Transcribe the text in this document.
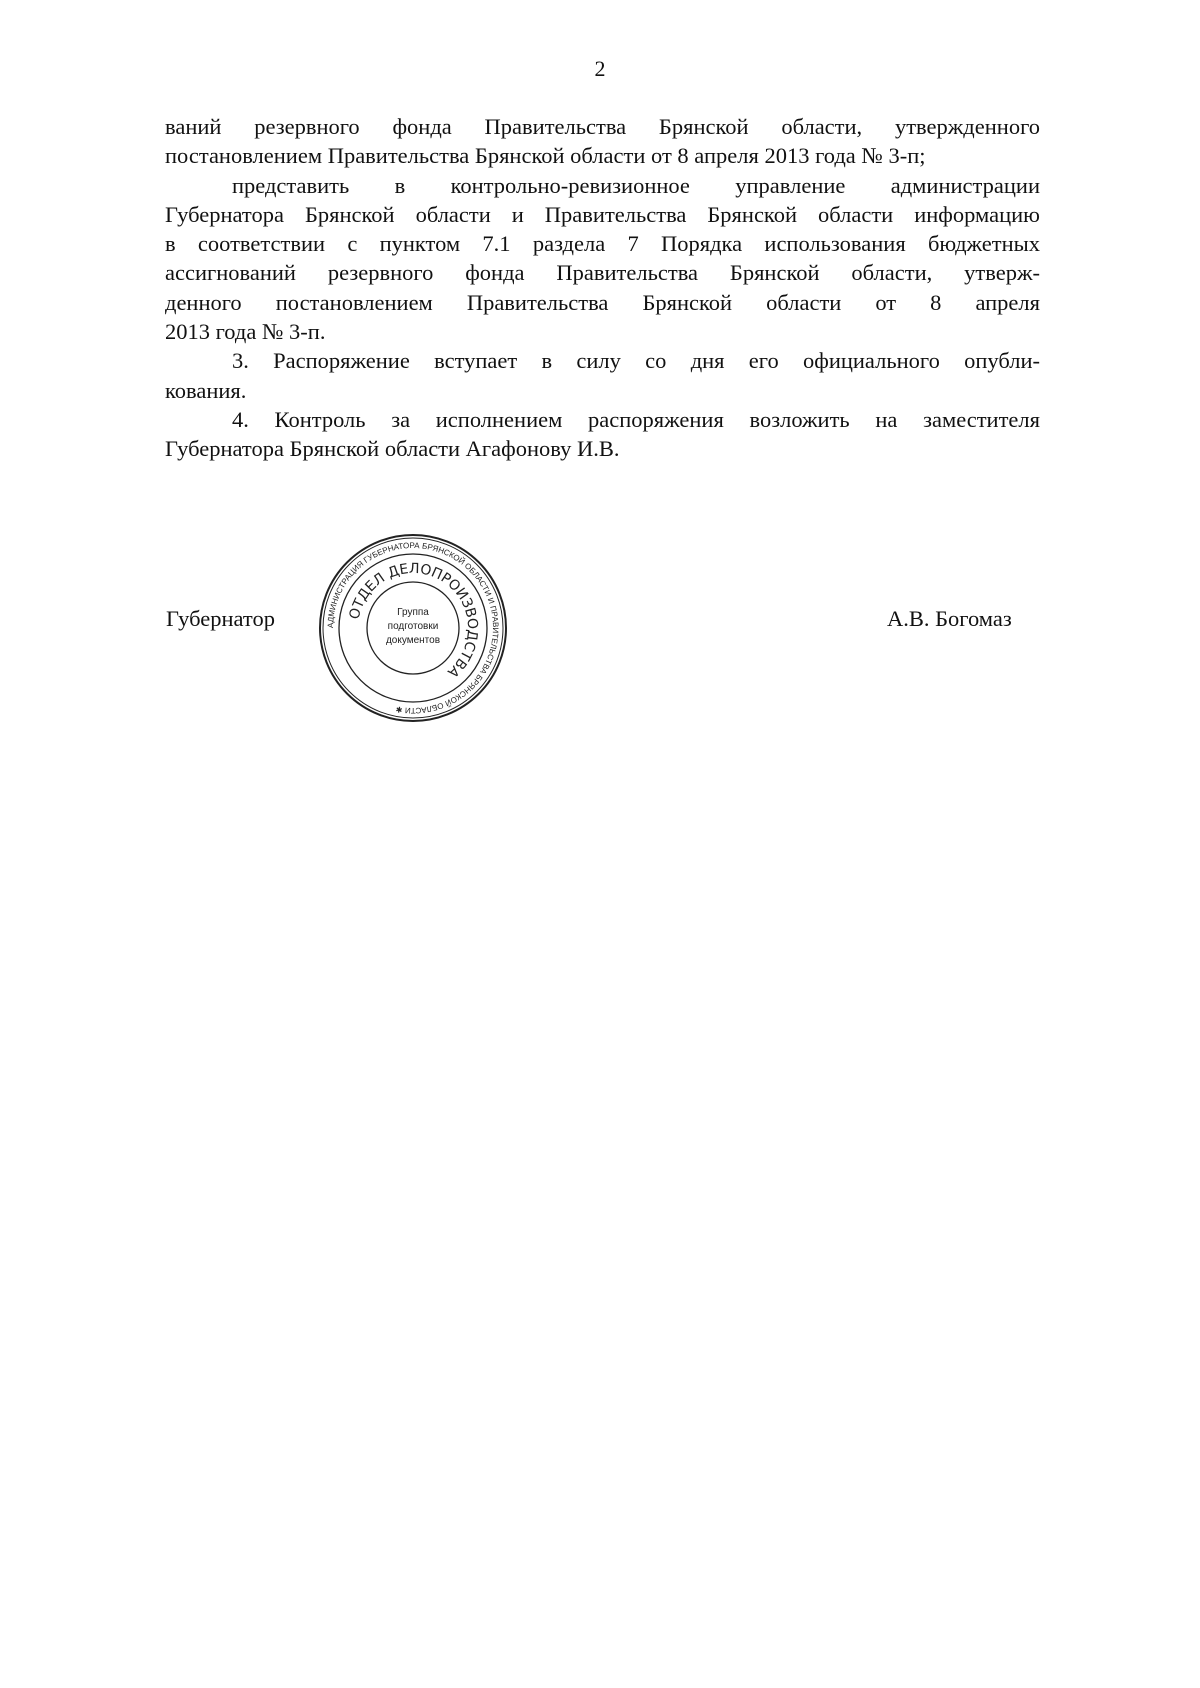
2
ваний резервного фонда Правительства Брянской области, утвержденного
постановлением Правительства Брянской области от 8 апреля 2013 года № 3-п;
представить в контрольно-ревизионное управление администрации
Губернатора Брянской области и Правительства Брянской области информацию
в соответствии с пунктом 7.1 раздела 7 Порядка использования бюджетных
ассигнований резервного фонда Правительства Брянской области, утверж-
денного постановлением Правительства Брянской области от 8 апреля
2013 года № 3-п.
3. Распоряжение вступает в силу со дня его официального опубли-
кования.
4. Контроль за исполнением распоряжения возложить на заместителя
Губернатора Брянской области Агафонову И.В.
Губернатор	А.В. Богомаз
АДМИНИСТРАЦИЯ ГУБЕРНАТОРА БРЯНСКОЙ ОБЛАСТИ И ПРАВИТЕЛЬСТВА БРЯНСКОЙ ОБЛАСТИ ✱
ОТДЕЛ ДЕЛОПРОИЗВОДСТВА
Группа
подготовки
документов
